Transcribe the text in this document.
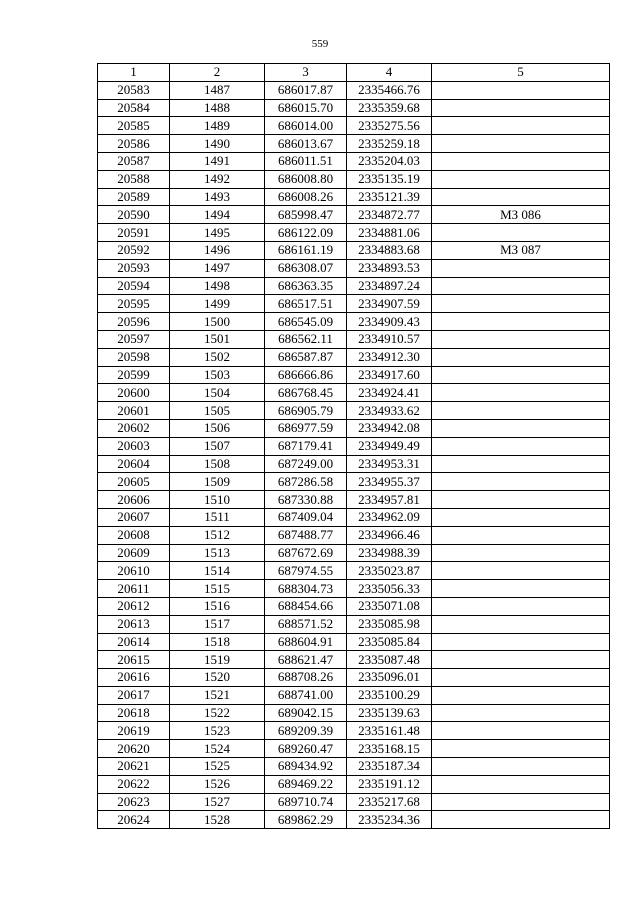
559
1	2	3	4	5
20583	1487	686017.87	2335466.76	
20584	1488	686015.70	2335359.68	
20585	1489	686014.00	2335275.56	
20586	1490	686013.67	2335259.18	
20587	1491	686011.51	2335204.03	
20588	1492	686008.80	2335135.19	
20589	1493	686008.26	2335121.39	
20590	1494	685998.47	2334872.77	МЗ 086
20591	1495	686122.09	2334881.06	
20592	1496	686161.19	2334883.68	МЗ 087
20593	1497	686308.07	2334893.53	
20594	1498	686363.35	2334897.24	
20595	1499	686517.51	2334907.59	
20596	1500	686545.09	2334909.43	
20597	1501	686562.11	2334910.57	
20598	1502	686587.87	2334912.30	
20599	1503	686666.86	2334917.60	
20600	1504	686768.45	2334924.41	
20601	1505	686905.79	2334933.62	
20602	1506	686977.59	2334942.08	
20603	1507	687179.41	2334949.49	
20604	1508	687249.00	2334953.31	
20605	1509	687286.58	2334955.37	
20606	1510	687330.88	2334957.81	
20607	1511	687409.04	2334962.09	
20608	1512	687488.77	2334966.46	
20609	1513	687672.69	2334988.39	
20610	1514	687974.55	2335023.87	
20611	1515	688304.73	2335056.33	
20612	1516	688454.66	2335071.08	
20613	1517	688571.52	2335085.98	
20614	1518	688604.91	2335085.84	
20615	1519	688621.47	2335087.48	
20616	1520	688708.26	2335096.01	
20617	1521	688741.00	2335100.29	
20618	1522	689042.15	2335139.63	
20619	1523	689209.39	2335161.48	
20620	1524	689260.47	2335168.15	
20621	1525	689434.92	2335187.34	
20622	1526	689469.22	2335191.12	
20623	1527	689710.74	2335217.68	
20624	1528	689862.29	2335234.36	
